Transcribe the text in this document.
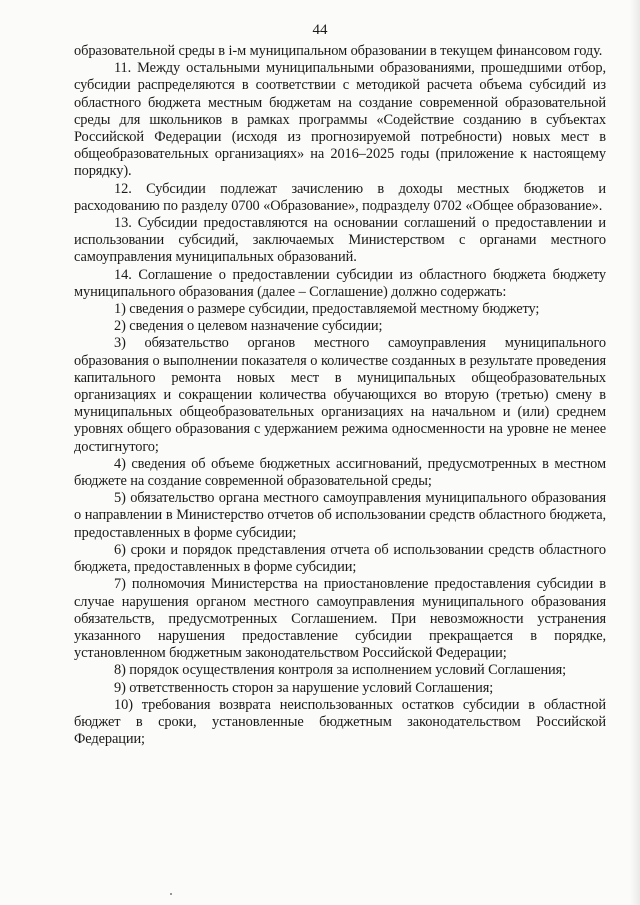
44

образовательной среды в i-м муниципальном образовании в текущем финансовом году.

11. Между остальными муниципальными образованиями, прошедшими отбор, субсидии распределяются в соответствии с методикой расчета объема субсидий из областного бюджета местным бюджетам на создание современной образовательной среды для школьников в рамках программы «Содействие созданию в субъектах Российской Федерации (исходя из прогнозируемой потребности) новых мест в общеобразовательных организациях» на 2016–2025 годы (приложение к настоящему порядку).

12. Субсидии подлежат зачислению в доходы местных бюджетов и расходованию по разделу 0700 «Образование», подразделу 0702 «Общее образование».

13. Субсидии предоставляются на основании соглашений о предоставлении и использовании субсидий, заключаемых Министерством с органами местного самоуправления муниципальных образований.

14. Соглашение о предоставлении субсидии из областного бюджета бюджету муниципального образования (далее – Соглашение) должно содержать:

1) сведения о размере субсидии, предоставляемой местному бюджету;

2) сведения о целевом назначение субсидии;

3) обязательство органов местного самоуправления муниципального образования о выполнении показателя о количестве созданных в результате проведения капитального ремонта новых мест в муниципальных общеобразовательных организациях и сокращении количества обучающихся во вторую (третью) смену в муниципальных общеобразовательных организациях на начальном и (или) среднем уровнях общего образования с удержанием режима односменности на уровне не менее достигнутого;

4) сведения об объеме бюджетных ассигнований, предусмотренных в местном бюджете на создание современной образовательной среды;

5) обязательство органа местного самоуправления муниципального образования о направлении в Министерство отчетов об использовании средств областного бюджета, предоставленных в форме субсидии;

6) сроки и порядок представления отчета об использовании средств областного бюджета, предоставленных в форме субсидии;

7) полномочия Министерства на приостановление предоставления субсидии в случае нарушения органом местного самоуправления муниципального образования обязательств, предусмотренных Соглашением. При невозможности устранения указанного нарушения предоставление субсидии прекращается в порядке, установленном бюджетным законодательством Российской Федерации;

8) порядок осуществления контроля за исполнением условий Соглашения;

9) ответственность сторон за нарушение условий Соглашения;

10) требования возврата неиспользованных остатков субсидии в областной бюджет в сроки, установленные бюджетным законодательством Российской Федерации;
